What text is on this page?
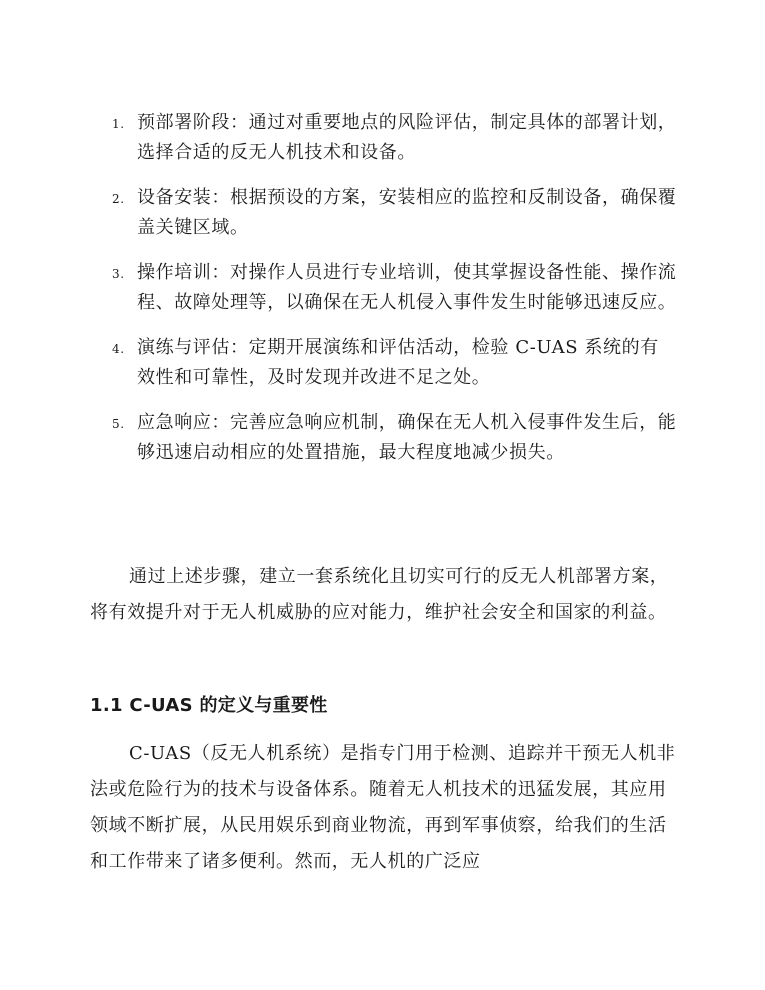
1. 预部署阶段：通过对重要地点的风险评估，制定具体的部署计划，选择合适的反无人机技术和设备。
2. 设备安装：根据预设的方案，安装相应的监控和反制设备，确保覆盖关键区域。
3. 操作培训：对操作人员进行专业培训，使其掌握设备性能、操作流程、故障处理等，以确保在无人机侵入事件发生时能够迅速反应。
4. 演练与评估：定期开展演练和评估活动，检验 C-UAS 系统的有效性和可靠性，及时发现并改进不足之处。
5. 应急响应：完善应急响应机制，确保在无人机入侵事件发生后，能够迅速启动相应的处置措施，最大程度地减少损失。

通过上述步骤，建立一套系统化且切实可行的反无人机部署方案，将有效提升对于无人机威胁的应对能力，维护社会安全和国家的利益。

1.1 C-UAS 的定义与重要性

C-UAS（反无人机系统）是指专门用于检测、追踪并干预无人机非法或危险行为的技术与设备体系。随着无人机技术的迅猛发展，其应用领域不断扩展，从民用娱乐到商业物流，再到军事侦察，给我们的生活和工作带来了诸多便利。然而，无人机的广泛应
